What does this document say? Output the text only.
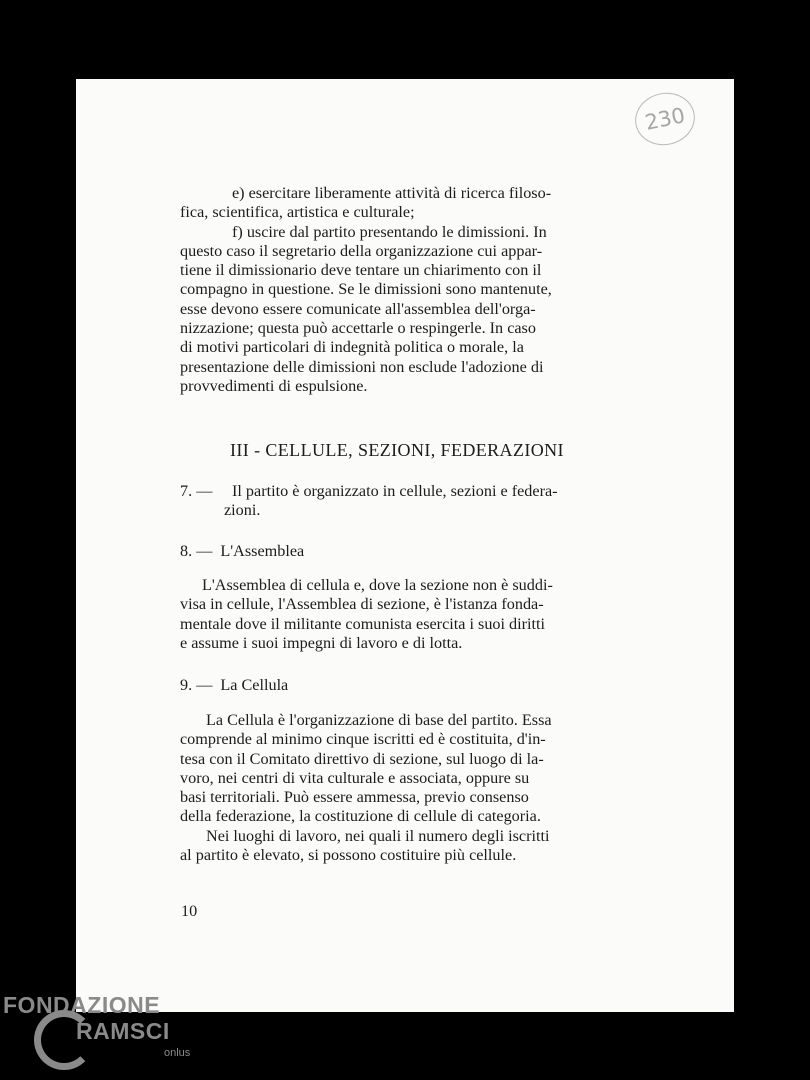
230

e) esercitare liberamente attività di ricerca filoso-

fica, scientifica, artistica e culturale;

f) uscire dal partito presentando le dimissioni. In

questo caso il segretario della organizzazione cui appar-

tiene il dimissionario deve tentare un chiarimento con il

compagno in questione. Se le dimissioni sono mantenute,

esse devono essere comunicate all'assemblea dell'orga-

nizzazione; questa può accettarle o respingerle. In caso

di motivi particolari di indegnità politica o morale, la

presentazione delle dimissioni non esclude l'adozione di

provvedimenti di espulsione.

III - CELLULE, SEZIONI, FEDERAZIONI
7. — Il partito è organizzato in cellule, sezioni e federa-
zioni.
8. — L'Assemblea

L'Assemblea di cellula e, dove la sezione non è suddi-

visa in cellule, l'Assemblea di sezione, è l'istanza fonda-

mentale dove il militante comunista esercita i suoi diritti

e assume i suoi impegni di lavoro e di lotta.

9. — La Cellula

La Cellula è l'organizzazione di base del partito. Essa

comprende al minimo cinque iscritti ed è costituita, d'in-

tesa con il Comitato direttivo di sezione, sul luogo di la-

voro, nei centri di vita culturale e associata, oppure su

basi territoriali. Può essere ammessa, previo consenso

della federazione, la costituzione di cellule di categoria.

Nei luoghi di lavoro, nei quali il numero degli iscritti

al partito è elevato, si possono costituire più cellule.

10
FONDAZIONE
RAMSCI
onlus
